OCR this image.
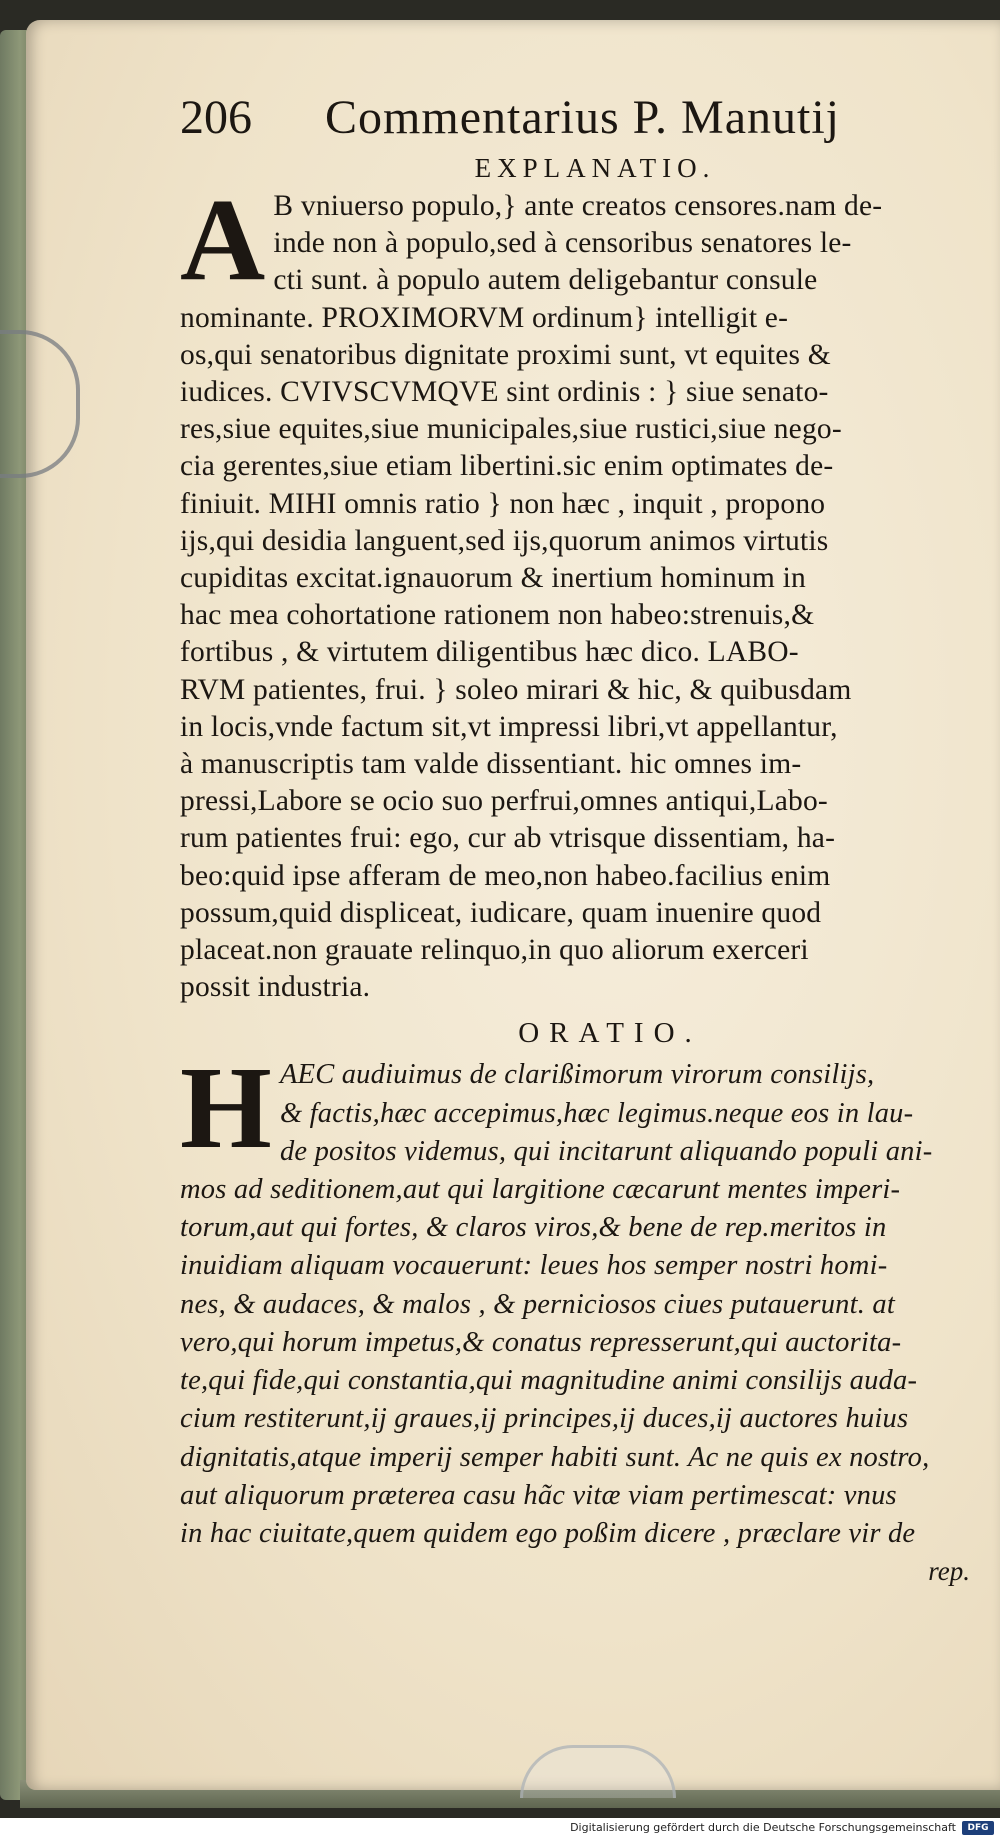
206 Commentarius P. Manutij
EXPLANATIO.
A B vniuerso populo,} ante creatos censores.nam de-
inde non à populo,sed à censoribus senatores le-
cti sunt. à populo autem deligebantur consule
nominante. PROXIMORVM ordinum} intelligit e-
os,qui senatoribus dignitate proximi sunt, vt equites &
iudices. CVIVSCVMQVE sint ordinis : } siue senato-
res,siue equites,siue municipales,siue rustici,siue nego-
cia gerentes,siue etiam libertini.sic enim optimates de-
finiuit. MIHI omnis ratio } non hæc , inquit , propono
ijs,qui desidia languent,sed ijs,quorum animos virtutis
cupiditas excitat.ignauorum & inertium hominum in
hac mea cohortatione rationem non habeo:strenuis,&
fortibus , & virtutem diligentibus hæc dico. LABO-
RVM patientes, frui. } soleo mirari & hic, & quibusdam
in locis,vnde factum sit,vt impressi libri,vt appellantur,
à manuscriptis tam valde dissentiant. hic omnes im-
pressi,Labore se ocio suo perfrui,omnes antiqui,Labo-
rum patientes frui: ego, cur ab vtrisque dissentiam, ha-
beo:quid ipse afferam de meo,non habeo.facilius enim
possum,quid displiceat, iudicare, quam inuenire quod
placeat.non grauate relinquo,in quo aliorum exerceri
possit industria.
ORATIO.
H AEC audiuimus de clarißimorum virorum consilijs,
& factis,hæc accepimus,hæc legimus.neque eos in lau-
de positos videmus, qui incitarunt aliquando populi ani-
mos ad seditionem,aut qui largitione cæcarunt mentes imperi-
torum,aut qui fortes, & claros viros,& bene de rep.meritos in
inuidiam aliquam vocauerunt: leues hos semper nostri homi-
nes, & audaces, & malos , & perniciosos ciues putauerunt. at
vero,qui horum impetus,& conatus represserunt,qui auctorita-
te,qui fide,qui constantia,qui magnitudine animi consilijs auda-
cium restiterunt,ij graues,ij principes,ij duces,ij auctores huius
dignitatis,atque imperij semper habiti sunt. Ac ne quis ex nostro,
aut aliquorum præterea casu hãc vitæ viam pertimescat: vnus
in hac ciuitate,quem quidem ego poßim dicere , præclare vir de
rep.
Digitalisierung gefördert durch die Deutsche Forschungsgemeinschaft	DFG
